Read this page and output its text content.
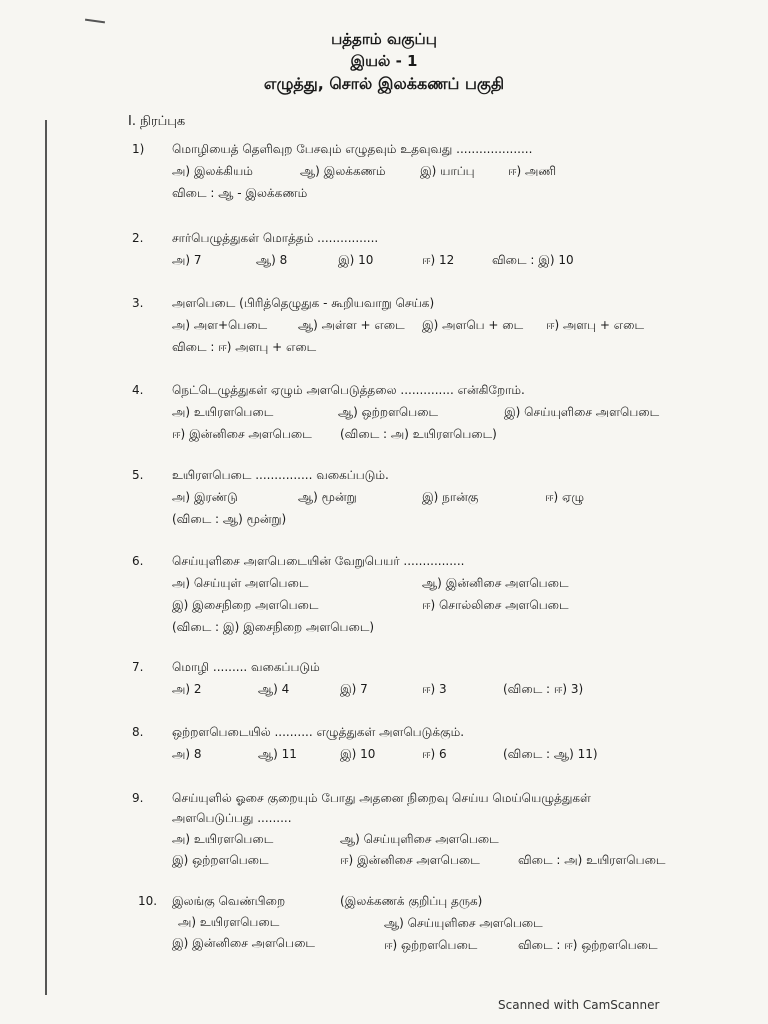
பத்தாம் வகுப்பு
இயல் - 1
எழுத்து, சொல் இலக்கணப் பகுதி
I. நிரப்புக
1)	மொழியைத் தெளிவுற பேசவும் எழுதவும் உதவுவது ....................
அ) இலக்கியம்	ஆ) இலக்கணம்	இ) யாப்பு	ஈ) அணி
விடை : ஆ - இலக்கணம்
2.	சார்பெழுத்துகள் மொத்தம் ................
அ) 7	ஆ) 8	இ) 10	ஈ) 12	விடை : இ) 10
3.	அளபெடை (பிரித்தெழுதுக - கூறியவாறு செய்க)
அ) அள+பெடை	ஆ) அள்ள + எடை இ) அளபெ + டை ஈ) அளபு + எடை
விடை : ஈ) அளபு + எடை
4.	நெட்டெழுத்துகள் ஏழும் அளபெடுத்தலை .............. என்கிறோம்.
அ) உயிரளபெடை	ஆ) ஒற்றளபெடை	இ) செய்யுளிசை அளபெடை
ஈ) இன்னிசை அளபெடை (விடை : அ) உயிரளபெடை)
5.	உயிரளபெடை ............... வகைப்படும்.
அ) இரண்டு	ஆ) மூன்று	இ) நான்கு	ஈ) ஏழு
(விடை : ஆ) மூன்று)
6.	செய்யுளிசை அளபெடையின் வேறுபெயர் ................
அ) செய்யுள் அளபெடை	ஆ) இன்னிசை அளபெடை
இ) இசைநிறை அளபெடை	ஈ) சொல்லிசை அளபெடை
(விடை : இ) இசைநிறை அளபெடை)
7.	மொழி ......... வகைப்படும்
அ) 2	ஆ) 4	இ) 7	ஈ) 3	(விடை : ஈ) 3)
8.	ஒற்றளபெடையில் .......... எழுத்துகள் அளபெடுக்கும்.
அ) 8	ஆ) 11	இ) 10	ஈ) 6	(விடை : ஆ) 11)
9.	செய்யுளில் ஓசை குறையும் போது அதனை நிறைவு செய்ய மெய்யெழுத்துகள்
அளபெடுப்பது .........
அ) உயிரளபெடை	ஆ) செய்யுளிசை அளபெடை
இ) ஒற்றளபெடை	ஈ) இன்னிசை அளபெடை	விடை : அ) உயிரளபெடை
10.	இலங்கு வெண்பிறை	(இலக்கணக் குறிப்பு தருக)
அ) உயிரளபெடை	ஆ) செய்யுளிசை அளபெடை
இ) இன்னிசை அளபெடை	ஈ) ஒற்றளபெடை	விடை : ஈ) ஒற்றளபெடை
Scanned with CamScanner
